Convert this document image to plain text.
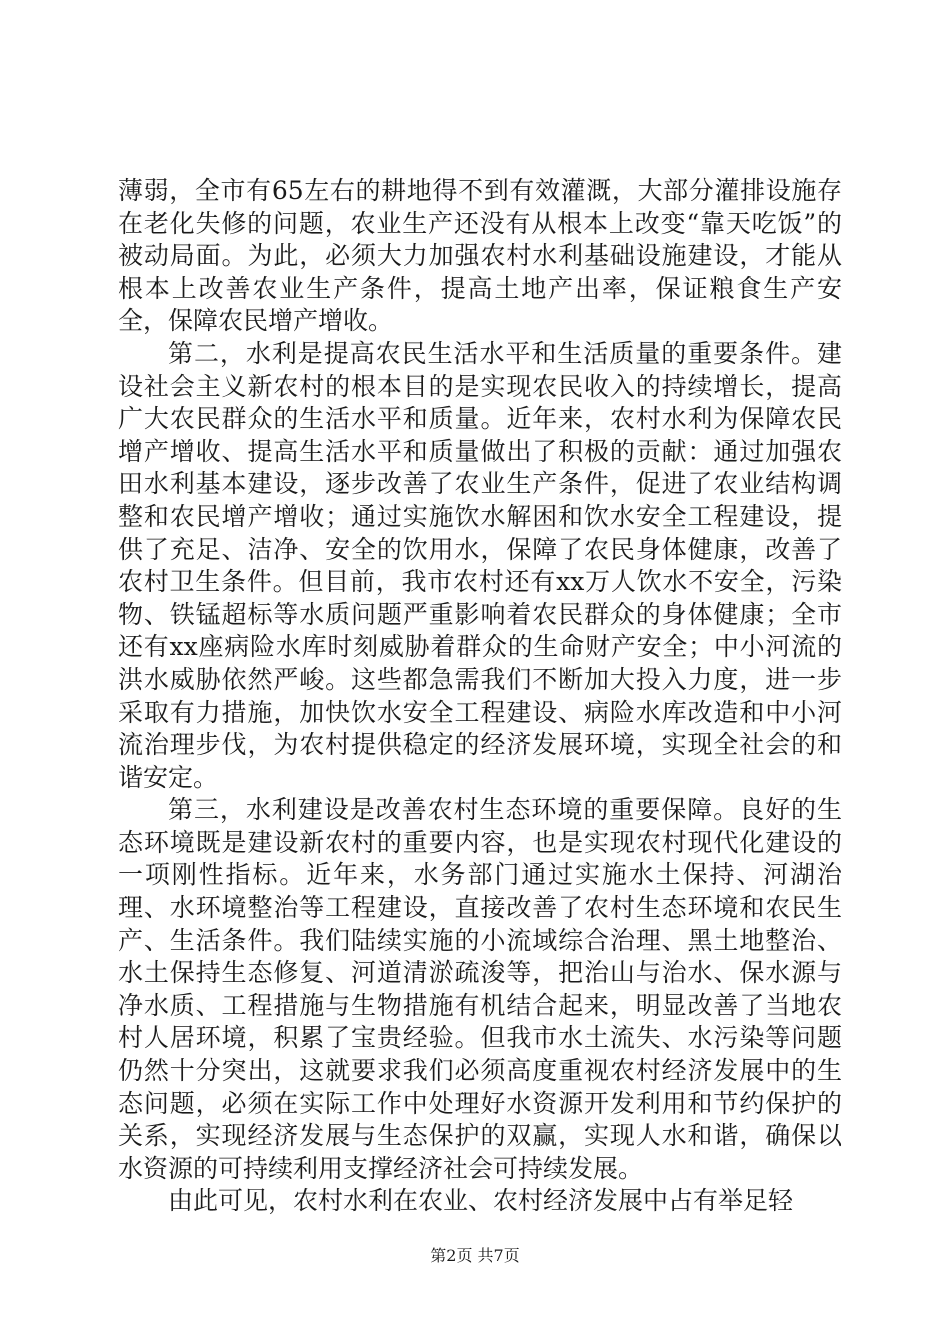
薄弱，全市有65左右的耕地得不到有效灌溉，大部分灌排设施存在老化失修的问题，农业生产还没有从根本上改变“靠天吃饭”的被动局面。为此，必须大力加强农村水利基础设施建设，才能从根本上改善农业生产条件，提高土地产出率，保证粮食生产安全，保障农民增产增收。

第二，水利是提高农民生活水平和生活质量的重要条件。建设社会主义新农村的根本目的是实现农民收入的持续增长，提高广大农民群众的生活水平和质量。近年来，农村水利为保障农民增产增收、提高生活水平和质量做出了积极的贡献：通过加强农田水利基本建设，逐步改善了农业生产条件，促进了农业结构调整和农民增产增收；通过实施饮水解困和饮水安全工程建设，提供了充足、洁净、安全的饮用水，保障了农民身体健康，改善了农村卫生条件。但目前，我市农村还有xx万人饮水不安全，污染物、铁锰超标等水质问题严重影响着农民群众的身体健康；全市还有xx座病险水库时刻威胁着群众的生命财产安全；中小河流的洪水威胁依然严峻。这些都急需我们不断加大投入力度，进一步采取有力措施，加快饮水安全工程建设、病险水库改造和中小河流治理步伐，为农村提供稳定的经济发展环境，实现全社会的和谐安定。

第三，水利建设是改善农村生态环境的重要保障。良好的生态环境既是建设新农村的重要内容，也是实现农村现代化建设的一项刚性指标。近年来，水务部门通过实施水土保持、河湖治理、水环境整治等工程建设，直接改善了农村生态环境和农民生产、生活条件。我们陆续实施的小流域综合治理、黑土地整治、水土保持生态修复、河道清淤疏浚等，把治山与治水、保水源与净水质、工程措施与生物措施有机结合起来，明显改善了当地农村人居环境，积累了宝贵经验。但我市水土流失、水污染等问题仍然十分突出，这就要求我们必须高度重视农村经济发展中的生态问题，必须在实际工作中处理好水资源开发利用和节约保护的关系，实现经济发展与生态保护的双赢，实现人水和谐，确保以水资源的可持续利用支撑经济社会可持续发展。

由此可见，农村水利在农业、农村经济发展中占有举足轻

第2页 共7页
